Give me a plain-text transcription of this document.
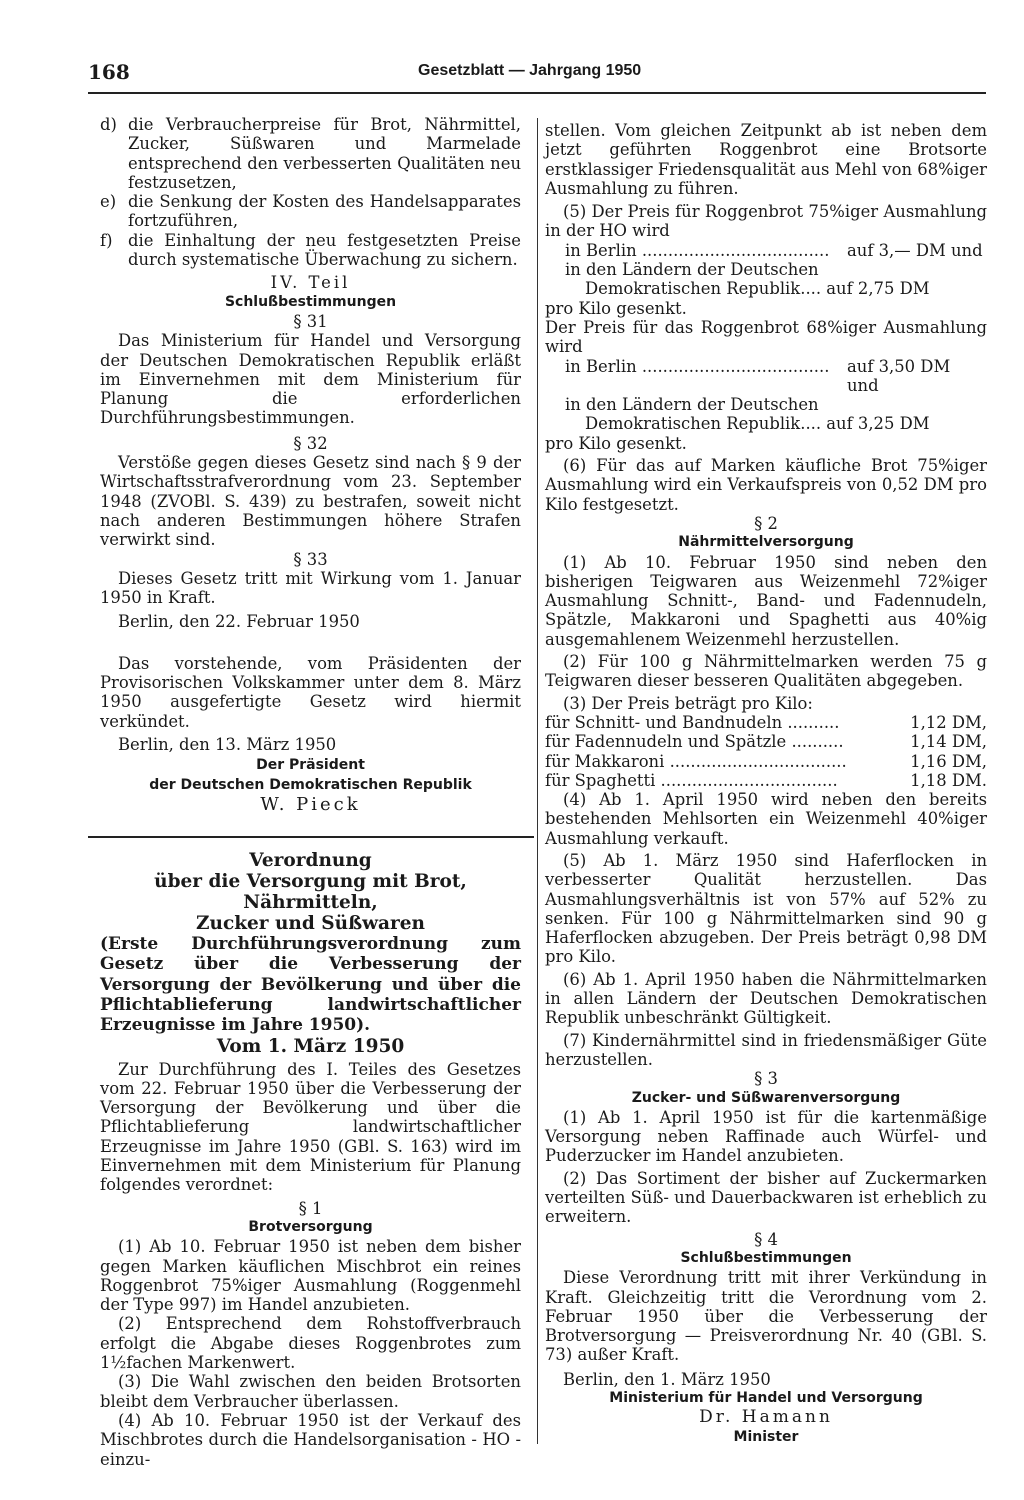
168	Gesetzblatt — Jahrgang 1950
d) die Verbraucherpreise für Brot, Nährmittel, Zucker, Süßwaren und Marmelade entsprechend den verbesserten Qualitäten neu festzusetzen,
e) die Senkung der Kosten des Handelsapparates fortzuführen,
f) die Einhaltung der neu festgesetzten Preise durch systematische Überwachung zu sichern.

IV. Teil

Schlußbestimmungen

§ 31

Das Ministerium für Handel und Versorgung der Deutschen Demokratischen Republik erläßt im Einvernehmen mit dem Ministerium für Planung die erforderlichen Durchführungsbestimmungen.

§ 32

Verstöße gegen dieses Gesetz sind nach § 9 der Wirtschaftsstrafverordnung vom 23. September 1948 (ZVOBl. S. 439) zu bestrafen, soweit nicht nach anderen Bestimmungen höhere Strafen verwirkt sind.

§ 33

Dieses Gesetz tritt mit Wirkung vom 1. Januar 1950 in Kraft.

Berlin, den 22. Februar 1950

Das vorstehende, vom Präsidenten der Provisorischen Volkskammer unter dem 8. März 1950 ausgefertigte Gesetz wird hiermit verkündet.

Berlin, den 13. März 1950

Der Präsident

der Deutschen Demokratischen Republik

W. Pieck

Verordnung

über die Versorgung mit Brot, Nährmitteln,

Zucker und Süßwaren

(Erste Durchführungsverordnung zum Gesetz über die Verbesserung der Versorgung der Bevölkerung und über die Pflichtablieferung landwirtschaftlicher Erzeugnisse im Jahre 1950).

Vom 1. März 1950

Zur Durchführung des I. Teiles des Gesetzes vom 22. Februar 1950 über die Verbesserung der Versorgung der Bevölkerung und über die Pflichtablieferung landwirtschaftlicher Erzeugnisse im Jahre 1950 (GBl. S. 163) wird im Einvernehmen mit dem Ministerium für Planung folgendes verordnet:

§ 1

Brotversorgung

(1) Ab 10. Februar 1950 ist neben dem bisher gegen Marken käuflichen Mischbrot ein reines Roggenbrot 75%iger Ausmahlung (Roggenmehl der Type 997) im Handel anzubieten.

(2) Entsprechend dem Rohstoffverbrauch erfolgt die Abgabe dieses Roggenbrotes zum 1½fachen Markenwert.

(3) Die Wahl zwischen den beiden Brotsorten bleibt dem Verbraucher überlassen.

(4) Ab 10. Februar 1950 ist der Verkauf des Mischbrotes durch die Handelsorganisation - HO - einzu-

stellen. Vom gleichen Zeitpunkt ab ist neben dem jetzt geführten Roggenbrot eine Brotsorte erstklassiger Friedensqualität aus Mehl von 68%iger Ausmahlung zu führen.

(5) Der Preis für Roggenbrot 75%iger Ausmahlung in der HO wird

in Berlin ....................................	auf 3,— DM und
in den Ländern der Deutschen
Demokratischen Republik.... auf 2,75 DM

pro Kilo gesenkt.

Der Preis für das Roggenbrot 68%iger Ausmahlung wird

in Berlin ....................................	auf 3,50 DM und
in den Ländern der Deutschen
Demokratischen Republik.... auf 3,25 DM

pro Kilo gesenkt.

(6) Für das auf Marken käufliche Brot 75%iger Ausmahlung wird ein Verkaufspreis von 0,52 DM pro Kilo festgesetzt.

§ 2

Nährmittelversorgung

(1) Ab 10. Februar 1950 sind neben den bisherigen Teigwaren aus Weizenmehl 72%iger Ausmahlung Schnitt-, Band- und Fadennudeln, Spätzle, Makkaroni und Spaghetti aus 40%ig ausgemahlenem Weizenmehl herzustellen.

(2) Für 100 g Nährmittelmarken werden 75 g Teigwaren dieser besseren Qualitäten abgegeben.

(3) Der Preis beträgt pro Kilo:

für Schnitt- und Bandnudeln ..........	1,12 DM,
für Fadennudeln und Spätzle ..........	1,14 DM,
für Makkaroni ..................................	1,16 DM,
für Spaghetti ..................................	1,18 DM.

(4) Ab 1. April 1950 wird neben den bereits bestehenden Mehlsorten ein Weizenmehl 40%iger Ausmahlung verkauft.

(5) Ab 1. März 1950 sind Haferflocken in verbesserter Qualität herzustellen. Das Ausmahlungsverhältnis ist von 57% auf 52% zu senken. Für 100 g Nährmittelmarken sind 90 g Haferflocken abzugeben. Der Preis beträgt 0,98 DM pro Kilo.

(6) Ab 1. April 1950 haben die Nährmittelmarken in allen Ländern der Deutschen Demokratischen Republik unbeschränkt Gültigkeit.

(7) Kindernährmittel sind in friedensmäßiger Güte herzustellen.

§ 3

Zucker- und Süßwarenversorgung

(1) Ab 1. April 1950 ist für die kartenmäßige Versorgung neben Raffinade auch Würfel- und Puderzucker im Handel anzubieten.

(2) Das Sortiment der bisher auf Zuckermarken verteilten Süß- und Dauerbackwaren ist erheblich zu erweitern.

§ 4

Schlußbestimmungen

Diese Verordnung tritt mit ihrer Verkündung in Kraft. Gleichzeitig tritt die Verordnung vom 2. Februar 1950 über die Verbesserung der Brotversorgung — Preisverordnung Nr. 40 (GBl. S. 73) außer Kraft.

Berlin, den 1. März 1950

Ministerium für Handel und Versorgung

Dr. Hamann

Minister
